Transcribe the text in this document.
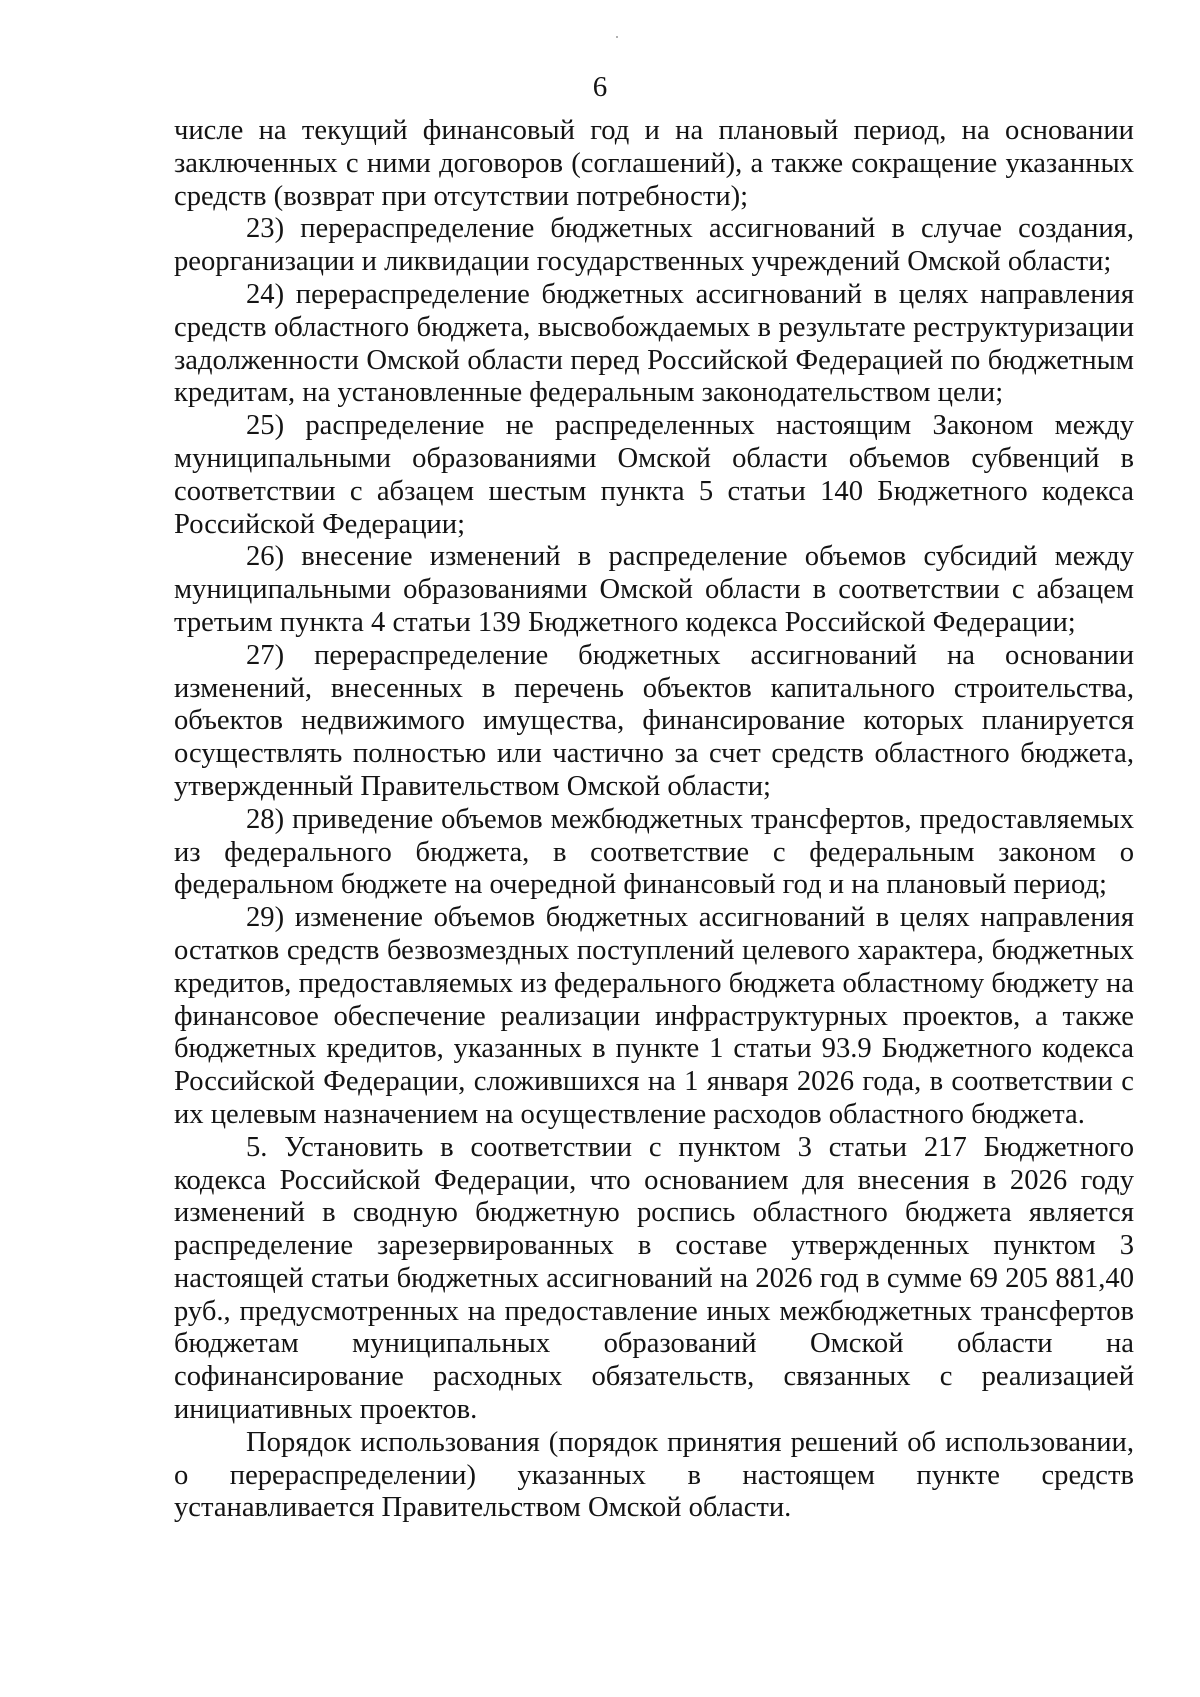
6

числе на текущий финансовый год и на плановый период, на основании заключенных с ними договоров (соглашений), а также сокращение указанных средств (возврат при отсутствии потребности);

23) перераспределение бюджетных ассигнований в случае создания, реорганизации и ликвидации государственных учреждений Омской области;

24) перераспределение бюджетных ассигнований в целях направления средств областного бюджета, высвобождаемых в результате реструктуризации задолженности Омской области перед Российской Федерацией по бюджетным кредитам, на установленные федеральным законодательством цели;

25) распределение не распределенных настоящим Законом между муниципальными образованиями Омской области объемов субвенций в соответствии с абзацем шестым пункта 5 статьи 140 Бюджетного кодекса Российской Федерации;

26) внесение изменений в распределение объемов субсидий между муниципальными образованиями Омской области в соответствии с абзацем третьим пункта 4 статьи 139 Бюджетного кодекса Российской Федерации;

27) перераспределение бюджетных ассигнований на основании изменений, внесенных в перечень объектов капитального строительства, объектов недвижимого имущества, финансирование которых планируется осуществлять полностью или частично за счет средств областного бюджета, утвержденный Правительством Омской области;

28) приведение объемов межбюджетных трансфертов, предоставляемых из федерального бюджета, в соответствие с федеральным законом о федеральном бюджете на очередной финансовый год и на плановый период;

29) изменение объемов бюджетных ассигнований в целях направления остатков средств безвозмездных поступлений целевого характера, бюджетных кредитов, предоставляемых из федерального бюджета областному бюджету на финансовое обеспечение реализации инфраструктурных проектов, а также бюджетных кредитов, указанных в пункте 1 статьи 93.9 Бюджетного кодекса Российской Федерации, сложившихся на 1 января 2026 года, в соответствии с их целевым назначением на осуществление расходов областного бюджета.

5. Установить в соответствии с пунктом 3 статьи 217 Бюджетного кодекса Российской Федерации, что основанием для внесения в 2026 году изменений в сводную бюджетную роспись областного бюджета является распределение зарезервированных в составе утвержденных пунктом 3 настоящей статьи бюджетных ассигнований на 2026 год в сумме 69 205 881,40 руб., предусмотренных на предоставление иных межбюджетных трансфертов бюджетам муниципальных образований Омской области на софинансирование расходных обязательств, связанных с реализацией инициативных проектов.

Порядок использования (порядок принятия решений об использовании, о перераспределении) указанных в настоящем пункте средств устанавливается Правительством Омской области.
